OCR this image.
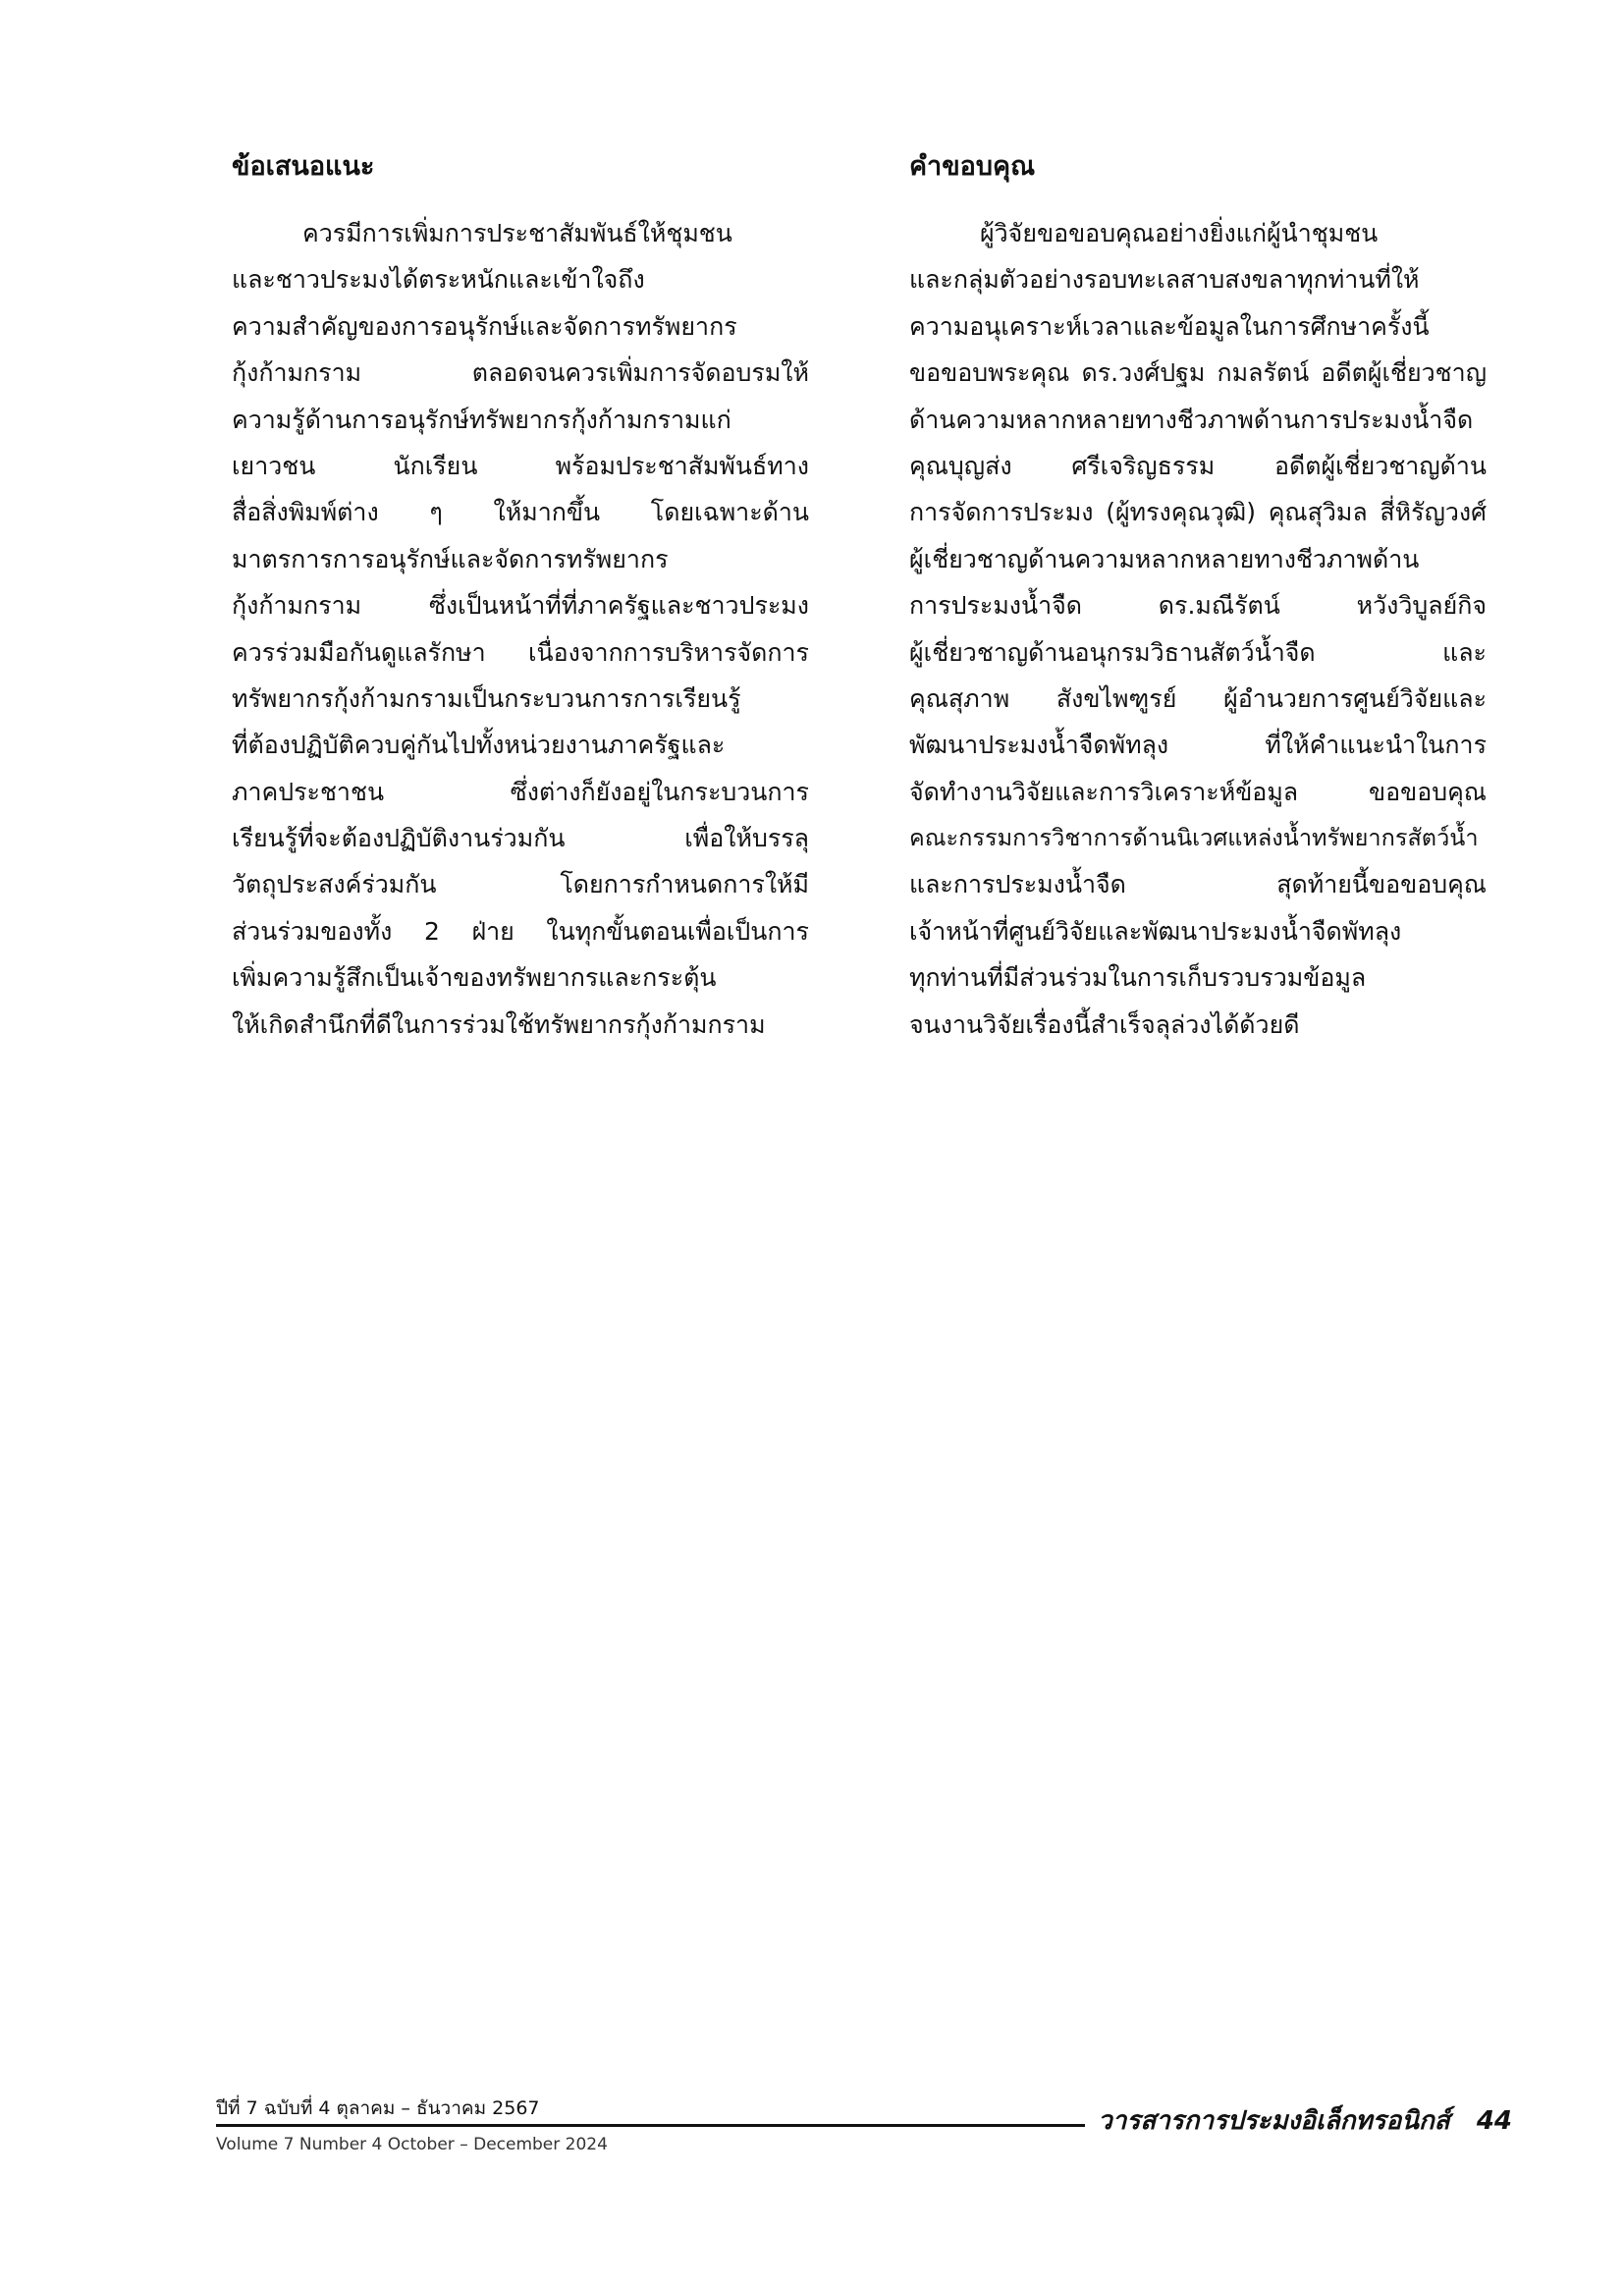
ข้อเสนอแนะ
ควรมีการเพิ่มการประชาสัมพันธ์ให้ชุมชน
และชาวประมงได้ตระหนักและเข้าใจถึง
ความสำคัญของการอนุรักษ์และจัดการทรัพยากร
กุ้งก้ามกราม ตลอดจนควรเพิ่มการจัดอบรมให้
ความรู้ด้านการอนุรักษ์ทรัพยากรกุ้งก้ามกรามแก่
เยาวชน นักเรียน พร้อมประชาสัมพันธ์ทาง
สื่อสิ่งพิมพ์ต่าง ๆ ให้มากขึ้น โดยเฉพาะด้าน
มาตรการการอนุรักษ์และจัดการทรัพยากร
กุ้งก้ามกราม ซึ่งเป็นหน้าที่ที่ภาครัฐและชาวประมง
ควรร่วมมือกันดูแลรักษา เนื่องจากการบริหารจัดการ
ทรัพยากรกุ้งก้ามกรามเป็นกระบวนการการเรียนรู้
ที่ต้องปฏิบัติควบคู่กันไปทั้งหน่วยงานภาครัฐและ
ภาคประชาชน ซึ่งต่างก็ยังอยู่ในกระบวนการ
เรียนรู้ที่จะต้องปฏิบัติงานร่วมกัน เพื่อให้บรรลุ
วัตถุประสงค์ร่วมกัน โดยการกำหนดการให้มี
ส่วนร่วมของทั้ง 2 ฝ่าย ในทุกขั้นตอนเพื่อเป็นการ
เพิ่มความรู้สึกเป็นเจ้าของทรัพยากรและกระตุ้น
ให้เกิดสำนึกที่ดีในการร่วมใช้ทรัพยากรกุ้งก้ามกราม
คำขอบคุณ
ผู้วิจัยขอขอบคุณอย่างยิ่งแก่ผู้นำชุมชน
และกลุ่มตัวอย่างรอบทะเลสาบสงขลาทุกท่านที่ให้
ความอนุเคราะห์เวลาและข้อมูลในการศึกษาครั้งนี้
ขอขอบพระคุณ ดร.วงศ์ปฐม กมลรัตน์ อดีตผู้เชี่ยวชาญ
ด้านความหลากหลายทางชีวภาพด้านการประมงน้ำจืด
คุณบุญส่ง ศรีเจริญธรรม อดีตผู้เชี่ยวชาญด้าน
การจัดการประมง (ผู้ทรงคุณวุฒิ) คุณสุวิมล สี่หิรัญวงศ์
ผู้เชี่ยวชาญด้านความหลากหลายทางชีวภาพด้าน
การประมงน้ำจืด ดร.มณีรัตน์ หวังวิบูลย์กิจ
ผู้เชี่ยวชาญด้านอนุกรมวิธานสัตว์น้ำจืด และ
คุณสุภาพ สังขไพฑูรย์ ผู้อำนวยการศูนย์วิจัยและ
พัฒนาประมงน้ำจืดพัทลุง ที่ให้คำแนะนำในการ
จัดทำงานวิจัยและการวิเคราะห์ข้อมูล ขอขอบคุณ
คณะกรรมการวิชาการด้านนิเวศแหล่งน้ำทรัพยากรสัตว์น้ำ
และการประมงน้ำจืด สุดท้ายนี้ขอขอบคุณ
เจ้าหน้าที่ศูนย์วิจัยและพัฒนาประมงน้ำจืดพัทลุง
ทุกท่านที่มีส่วนร่วมในการเก็บรวบรวมข้อมูล
จนงานวิจัยเรื่องนี้สำเร็จลุล่วงได้ด้วยดี
ปีที่ 7 ฉบับที่ 4 ตุลาคม – ธันวาคม 2567	วารสารการประมงอิเล็กทรอนิกส์ 44
Volume 7 Number 4 October – December 2024
